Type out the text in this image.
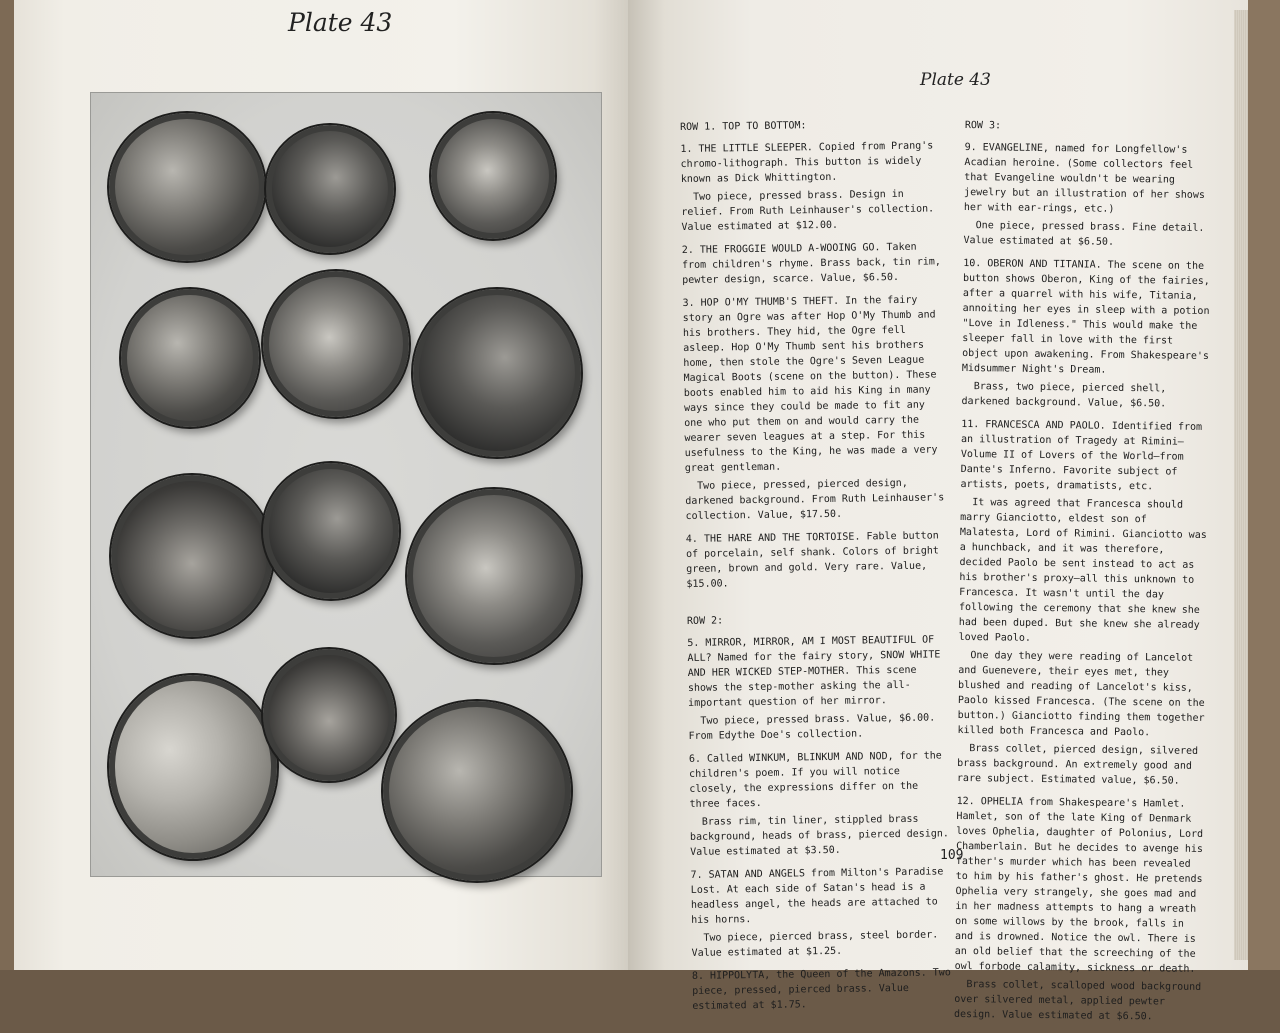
Plate 43
Plate 43
ROW 1. TOP TO BOTTOM:
1. THE LITTLE SLEEPER. Copied from Prang's chromo-lithograph. This button is widely known as Dick Whittington.
Two piece, pressed brass. Design in relief. From Ruth Leinhauser's collection. Value estimated at $12.00.
2. THE FROGGIE WOULD A-WOOING GO. Taken from children's rhyme. Brass back, tin rim, pewter design, scarce. Value, $6.50.
3. HOP O'MY THUMB'S THEFT. In the fairy story an Ogre was after Hop O'My Thumb and his brothers. They hid, the Ogre fell asleep. Hop O'My Thumb sent his brothers home, then stole the Ogre's Seven League Magical Boots (scene on the button). These boots enabled him to aid his King in many ways since they could be made to fit any one who put them on and would carry the wearer seven leagues at a step. For this usefulness to the King, he was made a very great gentleman.
Two piece, pressed, pierced design, darkened background. From Ruth Leinhauser's collection. Value, $17.50.
4. THE HARE AND THE TORTOISE. Fable button of porcelain, self shank. Colors of bright green, brown and gold. Very rare. Value, $15.00.
ROW 2:
5. MIRROR, MIRROR, AM I MOST BEAUTIFUL OF ALL? Named for the fairy story, SNOW WHITE AND HER WICKED STEP-MOTHER. This scene shows the step-mother asking the all-important question of her mirror.
Two piece, pressed brass. Value, $6.00. From Edythe Doe's collection.
6. Called WINKUM, BLINKUM AND NOD, for the children's poem. If you will notice closely, the expressions differ on the three faces.
Brass rim, tin liner, stippled brass background, heads of brass, pierced design. Value estimated at $3.50.
7. SATAN AND ANGELS from Milton's Paradise Lost. At each side of Satan's head is a headless angel, the heads are attached to his horns.
Two piece, pierced brass, steel border. Value estimated at $1.25.
8. HIPPOLYTA, the Queen of the Amazons. Two piece, pressed, pierced brass. Value estimated at $1.75.
ROW 3:
9. EVANGELINE, named for Longfellow's Acadian heroine. (Some collectors feel that Evangeline wouldn't be wearing jewelry but an illustration of her shows her with ear-rings, etc.)
One piece, pressed brass. Fine detail. Value estimated at $6.50.
10. OBERON AND TITANIA. The scene on the button shows Oberon, King of the fairies, after a quarrel with his wife, Titania, annoiting her eyes in sleep with a potion "Love in Idleness." This would make the sleeper fall in love with the first object upon awakening. From Shakespeare's Midsummer Night's Dream.
Brass, two piece, pierced shell, darkened background. Value, $6.50.
11. FRANCESCA AND PAOLO. Identified from an illustration of Tragedy at Rimini—Volume II of Lovers of the World—from Dante's Inferno. Favorite subject of artists, poets, dramatists, etc.
It was agreed that Francesca should marry Gianciotto, eldest son of Malatesta, Lord of Rimini. Gianciotto was a hunchback, and it was therefore, decided Paolo be sent instead to act as his brother's proxy—all this unknown to Francesca. It wasn't until the day following the ceremony that she knew she had been duped. But she knew she already loved Paolo.
One day they were reading of Lancelot and Guenevere, their eyes met, they blushed and reading of Lancelot's kiss, Paolo kissed Francesca. (The scene on the button.) Gianciotto finding them together killed both Francesca and Paolo.
Brass collet, pierced design, silvered brass background. An extremely good and rare subject. Estimated value, $6.50.
12. OPHELIA from Shakespeare's Hamlet. Hamlet, son of the late King of Denmark loves Ophelia, daughter of Polonius, Lord Chamberlain. But he decides to avenge his father's murder which has been revealed to him by his father's ghost. He pretends Ophelia very strangely, she goes mad and in her madness attempts to hang a wreath on some willows by the brook, falls in and is drowned. Notice the owl. There is an old belief that the screeching of the owl forbode calamity, sickness or death.
Brass collet, scalloped wood background over silvered metal, applied pewter design. Value estimated at $6.50.
109
